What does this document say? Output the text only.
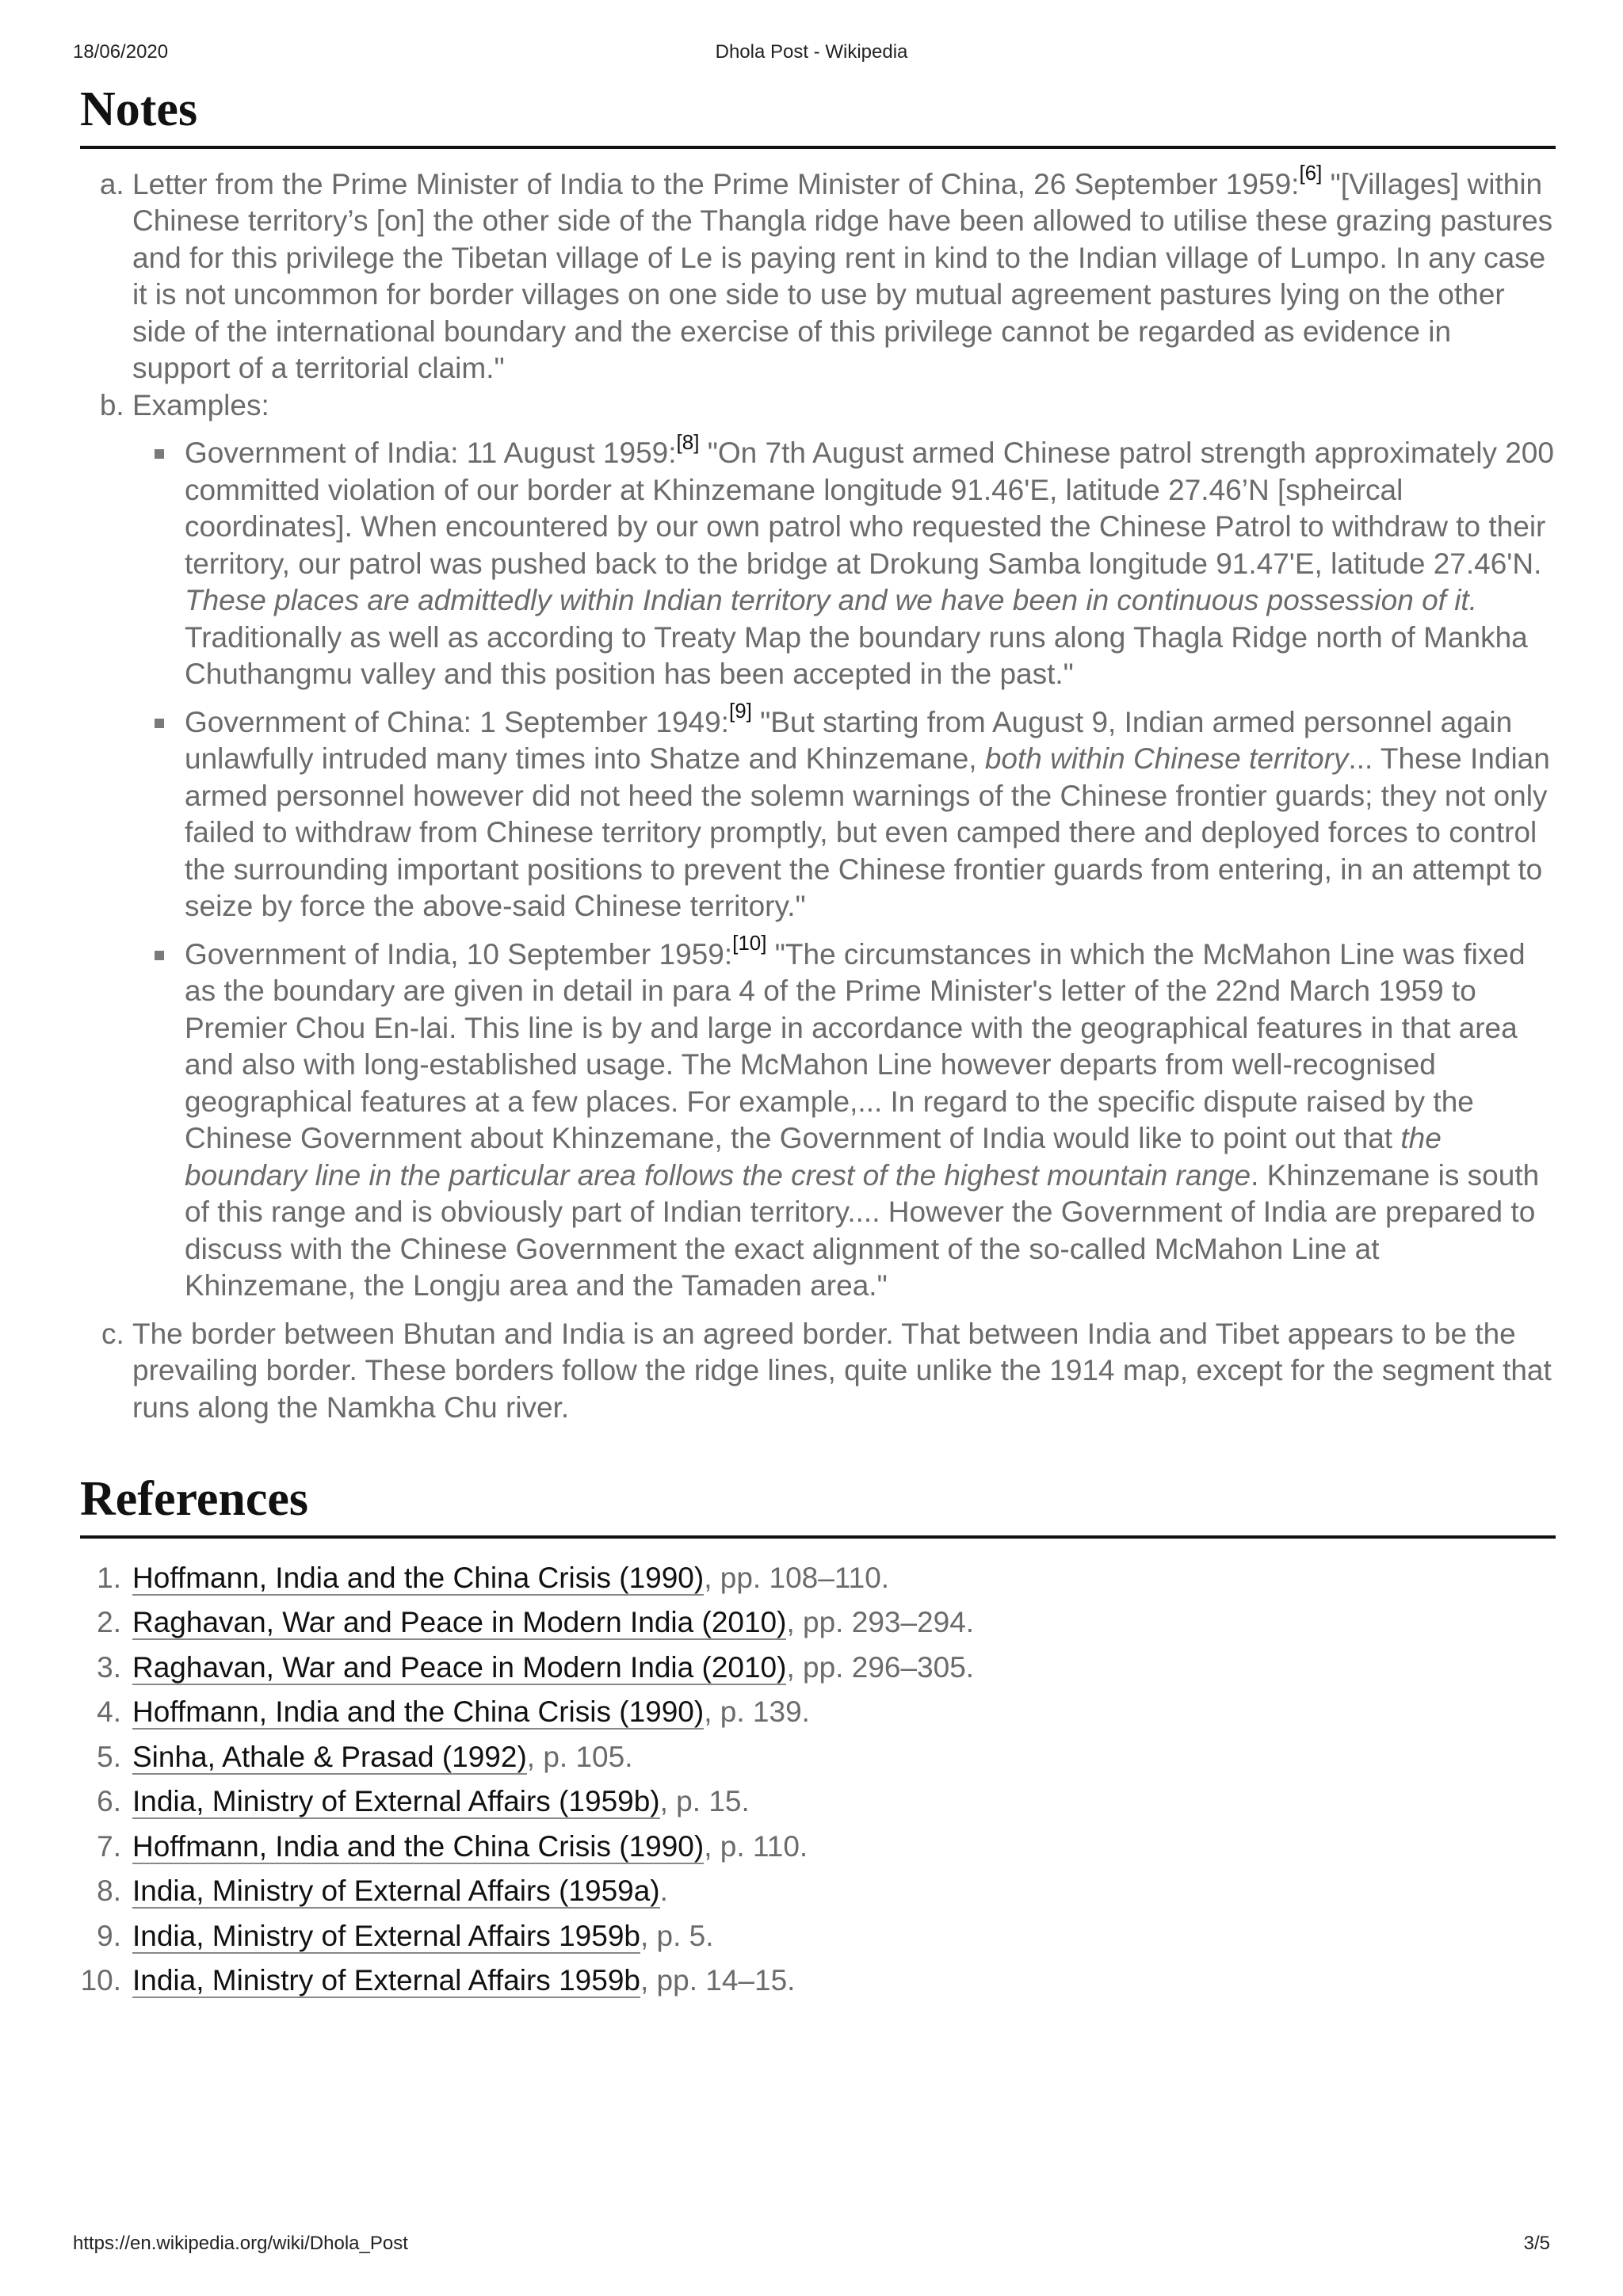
18/06/2020	Dhola Post - Wikipedia
Notes
a. Letter from the Prime Minister of India to the Prime Minister of China, 26 September 1959:[6] "[Villages] within Chinese territory’s [on] the other side of the Thangla ridge have been allowed to utilise these grazing pastures and for this privilege the Tibetan village of Le is paying rent in kind to the Indian village of Lumpo. In any case it is not uncommon for border villages on one side to use by mutual agreement pastures lying on the other side of the international boundary and the exercise of this privilege cannot be regarded as evidence in support of a territorial claim."
b. Examples:
Government of India: 11 August 1959:[8] "On 7th August armed Chinese patrol strength approximately 200 committed violation of our border at Khinzemane longitude 91.46'E, latitude 27.46’N [spheircal coordinates]. When encountered by our own patrol who requested the Chinese Patrol to withdraw to their territory, our patrol was pushed back to the bridge at Drokung Samba longitude 91.47'E, latitude 27.46'N. These places are admittedly within Indian territory and we have been in continuous possession of it. Traditionally as well as according to Treaty Map the boundary runs along Thagla Ridge north of Mankha Chuthangmu valley and this position has been accepted in the past."
Government of China: 1 September 1949:[9] "But starting from August 9, Indian armed personnel again unlawfully intruded many times into Shatze and Khinzemane, both within Chinese territory... These Indian armed personnel however did not heed the solemn warnings of the Chinese frontier guards; they not only failed to withdraw from Chinese territory promptly, but even camped there and deployed forces to control the surrounding important positions to prevent the Chinese frontier guards from entering, in an attempt to seize by force the above-said Chinese territory."
Government of India, 10 September 1959:[10] "The circumstances in which the McMahon Line was fixed as the boundary are given in detail in para 4 of the Prime Minister's letter of the 22nd March 1959 to Premier Chou En-lai. This line is by and large in accordance with the geographical features in that area and also with long-established usage. The McMahon Line however departs from well-recognised geographical features at a few places. For example,... In regard to the specific dispute raised by the Chinese Government about Khinzemane, the Government of India would like to point out that the boundary line in the particular area follows the crest of the highest mountain range. Khinzemane is south of this range and is obviously part of Indian territory.... However the Government of India are prepared to discuss with the Chinese Government the exact alignment of the so-called McMahon Line at Khinzemane, the Longju area and the Tamaden area."
c. The border between Bhutan and India is an agreed border. That between India and Tibet appears to be the prevailing border. These borders follow the ridge lines, quite unlike the 1914 map, except for the segment that runs along the Namkha Chu river.
References
1. Hoffmann, India and the China Crisis (1990), pp. 108–110.
2. Raghavan, War and Peace in Modern India (2010), pp. 293–294.
3. Raghavan, War and Peace in Modern India (2010), pp. 296–305.
4. Hoffmann, India and the China Crisis (1990), p. 139.
5. Sinha, Athale & Prasad (1992), p. 105.
6. India, Ministry of External Affairs (1959b), p. 15.
7. Hoffmann, India and the China Crisis (1990), p. 110.
8. India, Ministry of External Affairs (1959a).
9. India, Ministry of External Affairs 1959b, p. 5.
10. India, Ministry of External Affairs 1959b, pp. 14–15.
https://en.wikipedia.org/wiki/Dhola_Post	3/5
